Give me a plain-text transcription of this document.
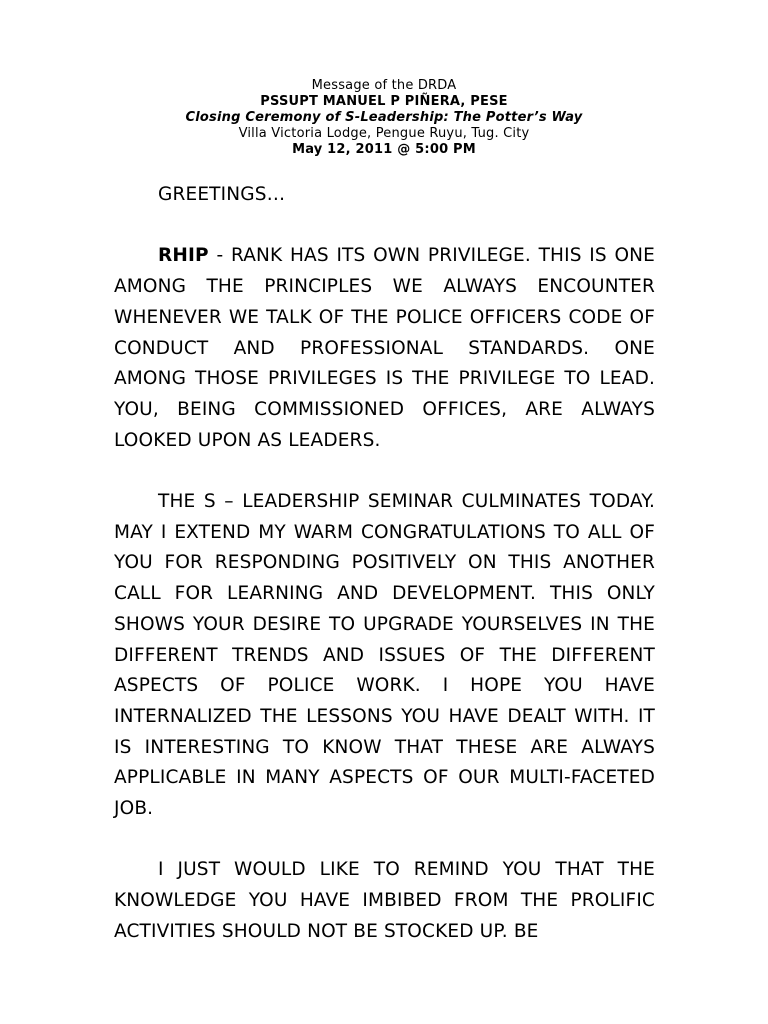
Message of the DRDA
PSSUPT MANUEL P PIÑERA, PESE
Closing Ceremony of S-Leadership: The Potter’s Way
Villa Victoria Lodge, Pengue Ruyu, Tug. City
May 12, 2011 @ 5:00 PM

GREETINGS…

RHIP - RANK HAS ITS OWN PRIVILEGE. THIS IS ONE AMONG THE PRINCIPLES WE ALWAYS ENCOUNTER WHENEVER WE TALK OF THE POLICE OFFICERS CODE OF CONDUCT AND PROFESSIONAL STANDARDS. ONE AMONG THOSE PRIVILEGES IS THE PRIVILEGE TO LEAD. YOU, BEING COMMISSIONED OFFICES, ARE ALWAYS LOOKED UPON AS LEADERS.

THE S – LEADERSHIP SEMINAR CULMINATES TODAY. MAY I EXTEND MY WARM CONGRATULATIONS TO ALL OF YOU FOR RESPONDING POSITIVELY ON THIS ANOTHER CALL FOR LEARNING AND DEVELOPMENT. THIS ONLY SHOWS YOUR DESIRE TO UPGRADE YOURSELVES IN THE DIFFERENT TRENDS AND ISSUES OF THE DIFFERENT ASPECTS OF POLICE WORK. I HOPE YOU HAVE INTERNALIZED THE LESSONS YOU HAVE DEALT WITH. IT IS INTERESTING TO KNOW THAT THESE ARE ALWAYS APPLICABLE IN MANY ASPECTS OF OUR MULTI-FACETED JOB.

I JUST WOULD LIKE TO REMIND YOU THAT THE KNOWLEDGE YOU HAVE IMBIBED FROM THE PROLIFIC ACTIVITIES SHOULD NOT BE STOCKED UP. BE
